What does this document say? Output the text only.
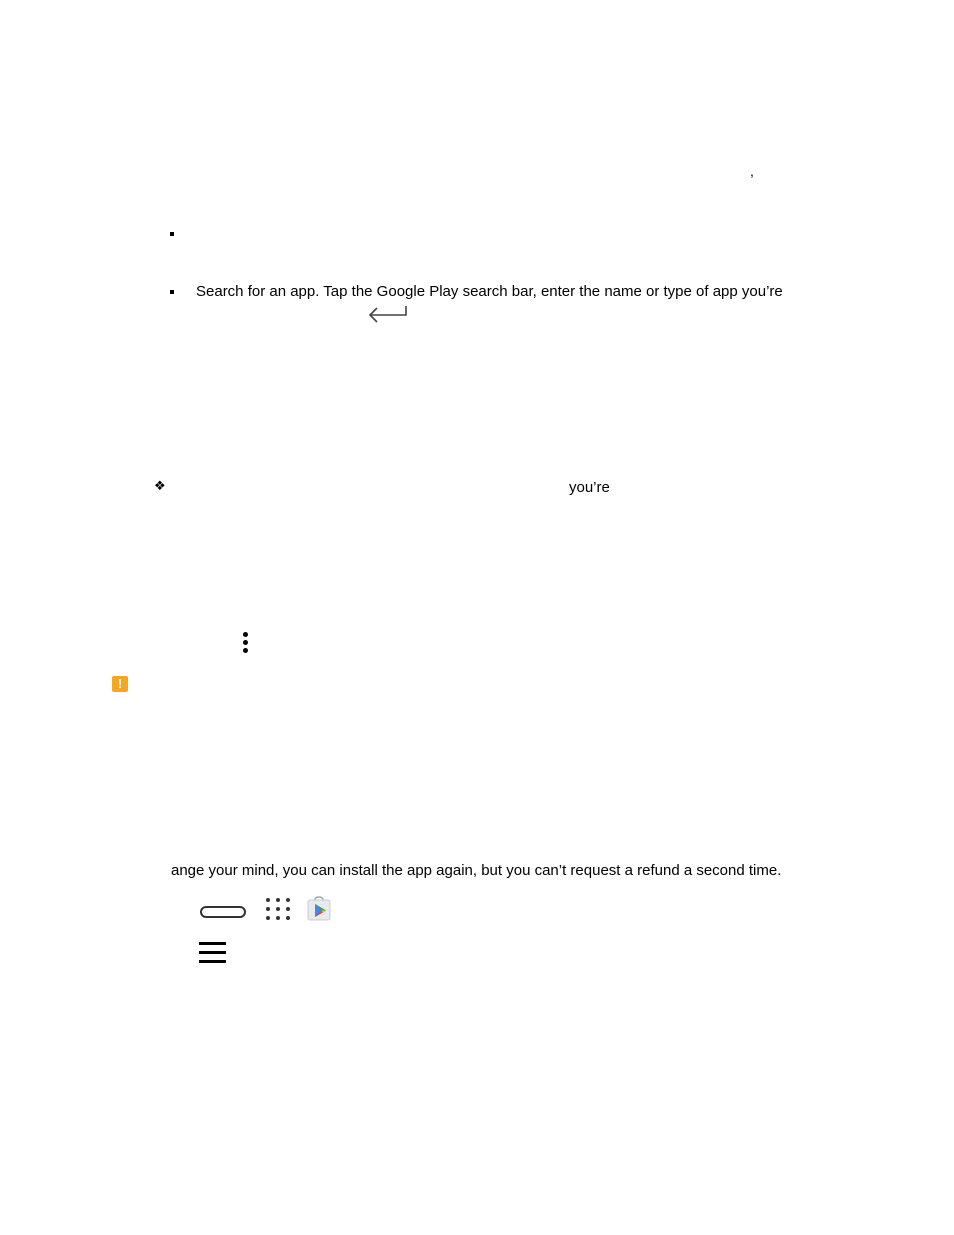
,
Search for an app. Tap the Google Play search bar, enter the name or type of app you’re
❖	you’re
!
ange your mind, you can install the app again, but you can’t request a refund a second time.
